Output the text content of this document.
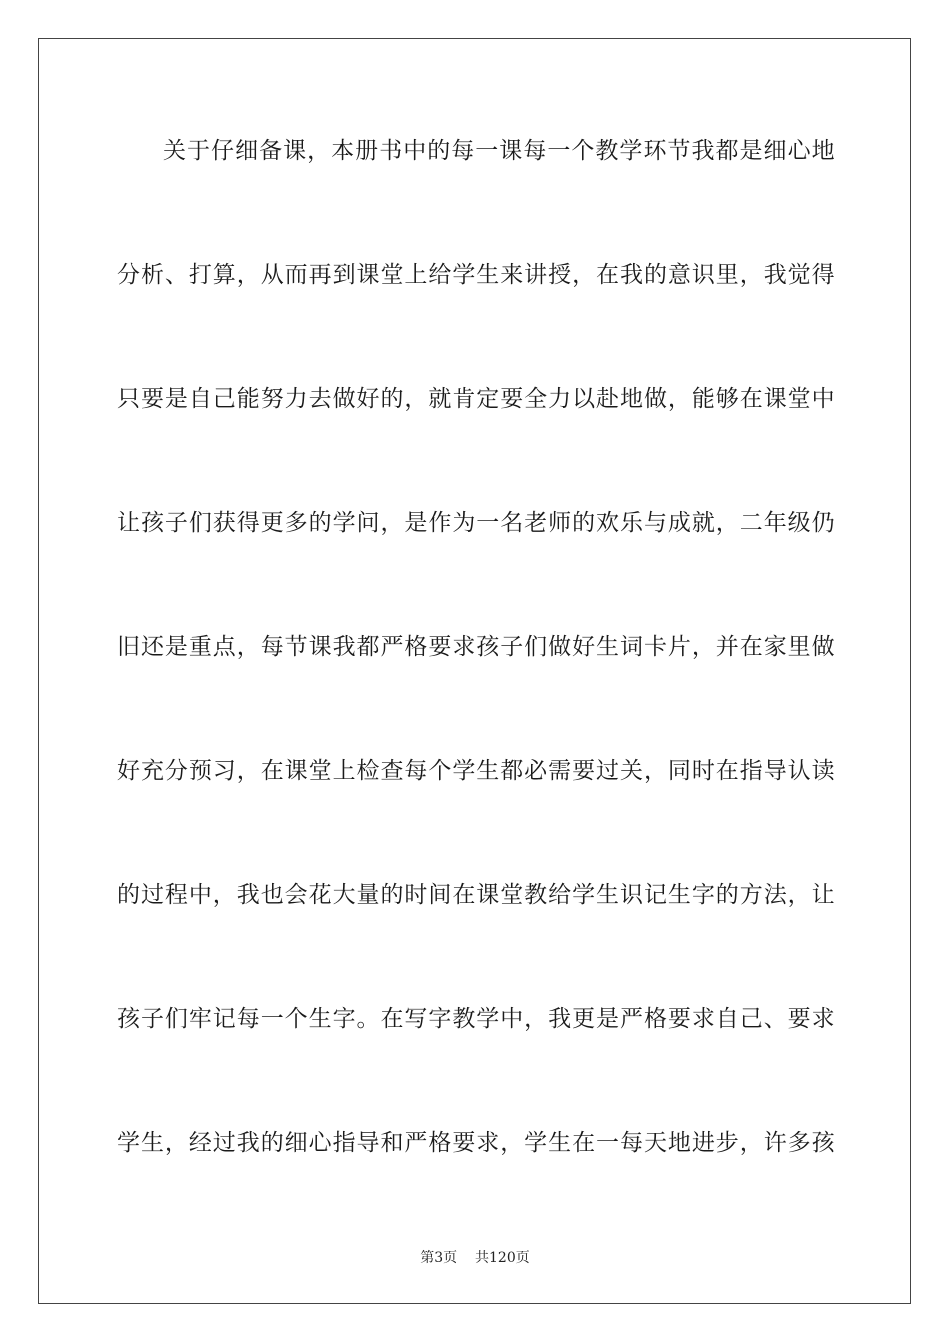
关于仔细备课，本册书中的每一课每一个教学环节我都是细心地
分析、打算，从而再到课堂上给学生来讲授，在我的意识里，我觉得
只要是自己能努力去做好的，就肯定要全力以赴地做，能够在课堂中
让孩子们获得更多的学问，是作为一名老师的欢乐与成就，二年级仍
旧还是重点，每节课我都严格要求孩子们做好生词卡片，并在家里做
好充分预习，在课堂上检查每个学生都必需要过关，同时在指导认读
的过程中，我也会花大量的时间在课堂教给学生识记生字的方法，让
孩子们牢记每一个生字。在写字教学中，我更是严格要求自己、要求
学生，经过我的细心指导和严格要求，学生在一每天地进步，许多孩
第3页 共120页
